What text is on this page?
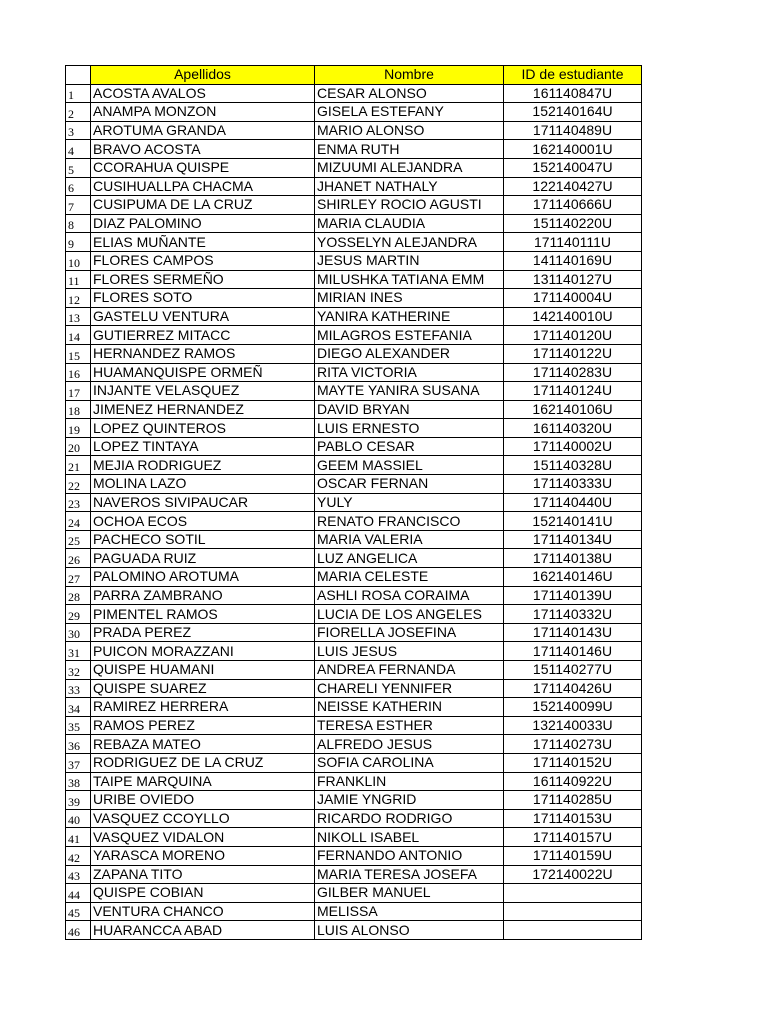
	Apellidos	Nombre	ID de estudiante
1	ACOSTA AVALOS	CESAR ALONSO	161140847U
2	ANAMPA MONZON	GISELA ESTEFANY	152140164U
3	AROTUMA GRANDA	MARIO ALONSO	171140489U
4	BRAVO ACOSTA	ENMA RUTH	162140001U
5	CCORAHUA QUISPE	MIZUUMI ALEJANDRA	152140047U
6	CUSIHUALLPA CHACMA	JHANET NATHALY	122140427U
7	CUSIPUMA DE LA CRUZ	SHIRLEY ROCIO AGUSTI	171140666U
8	DIAZ PALOMINO	MARIA CLAUDIA	151140220U
9	ELIAS MUÑANTE	YOSSELYN ALEJANDRA	171140111U
10	FLORES CAMPOS	JESUS MARTIN	141140169U
11	FLORES SERMEÑO	MILUSHKA TATIANA EMM	131140127U
12	FLORES SOTO	MIRIAN INES	171140004U
13	GASTELU VENTURA	YANIRA KATHERINE	142140010U
14	GUTIERREZ MITACC	MILAGROS ESTEFANIA	171140120U
15	HERNANDEZ RAMOS	DIEGO ALEXANDER	171140122U
16	HUAMANQUISPE ORMEÑ	RITA VICTORIA	171140283U
17	INJANTE VELASQUEZ	MAYTE YANIRA SUSANA	171140124U
18	JIMENEZ HERNANDEZ	DAVID BRYAN	162140106U
19	LOPEZ QUINTEROS	LUIS ERNESTO	161140320U
20	LOPEZ TINTAYA	PABLO CESAR	171140002U
21	MEJIA RODRIGUEZ	GEEM MASSIEL	151140328U
22	MOLINA LAZO	OSCAR FERNAN	171140333U
23	NAVEROS SIVIPAUCAR	YULY	171140440U
24	OCHOA ECOS	RENATO FRANCISCO	152140141U
25	PACHECO SOTIL	MARIA VALERIA	171140134U
26	PAGUADA RUIZ	LUZ ANGELICA	171140138U
27	PALOMINO AROTUMA	MARIA CELESTE	162140146U
28	PARRA ZAMBRANO	ASHLI ROSA CORAIMA	171140139U
29	PIMENTEL RAMOS	LUCIA DE LOS ANGELES	171140332U
30	PRADA PEREZ	FIORELLA JOSEFINA	171140143U
31	PUICON MORAZZANI	LUIS JESUS	171140146U
32	QUISPE HUAMANI	ANDREA FERNANDA	151140277U
33	QUISPE SUAREZ	CHARELI YENNIFER	171140426U
34	RAMIREZ HERRERA	NEISSE KATHERIN	152140099U
35	RAMOS PEREZ	TERESA ESTHER	132140033U
36	REBAZA MATEO	ALFREDO JESUS	171140273U
37	RODRIGUEZ DE LA CRUZ	SOFIA CAROLINA	171140152U
38	TAIPE MARQUINA	FRANKLIN	161140922U
39	URIBE OVIEDO	JAMIE YNGRID	171140285U
40	VASQUEZ CCOYLLO	RICARDO RODRIGO	171140153U
41	VASQUEZ VIDALON	NIKOLL ISABEL	171140157U
42	YARASCA MORENO	FERNANDO ANTONIO	171140159U
43	ZAPANA TITO	MARIA TERESA JOSEFA	172140022U
44	QUISPE COBIAN	GILBER MANUEL	
45	VENTURA CHANCO	MELISSA	
46	HUARANCCA ABAD	LUIS ALONSO	
